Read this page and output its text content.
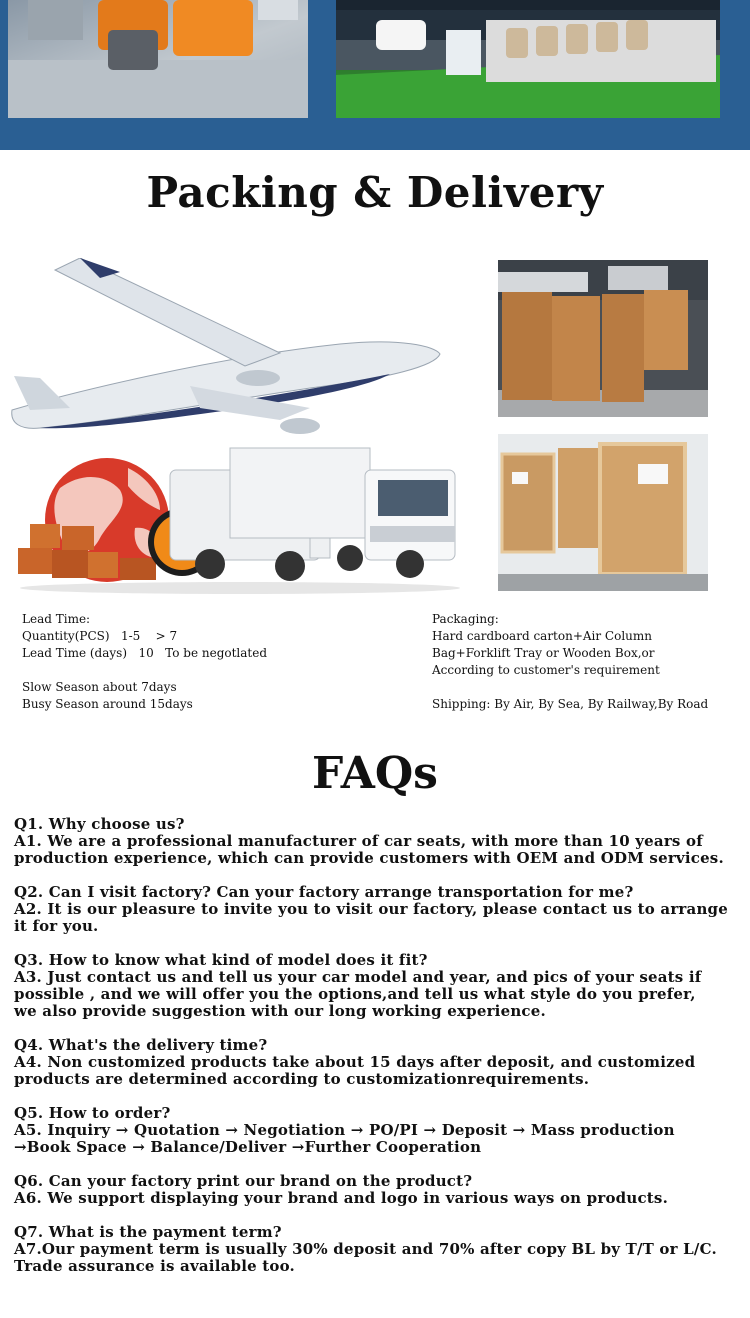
Packing & Delivery
Lead Time:
Quantity(PCS)   1-5    > 7
Lead Time (days)   10   To be negotlated
Slow Season about 7days
Busy Season around 15days
Packaging:
Hard cardboard carton+Air Column
Bag+Forklift Tray or Wooden Box,or
According to customer's requirement
Shipping: By Air, By Sea, By Railway,By Road
FAQs
Q1. Why choose us?
A1. We are a professional manufacturer of car seats, with more than 10 years of
production experience, which can provide customers with OEM and ODM services.
Q2. Can I visit factory? Can your factory arrange transportation for me?
A2. It is our pleasure to invite you to visit our factory, please contact us to arrange
it for you.
Q3. How to know what kind of model does it fit?
A3. Just contact us and tell us your car model and year, and pics of your seats if
possible , and we will offer you the options,and tell us what style do you prefer,
we also provide suggestion with our long working experience.
Q4. What's the delivery time?
A4. Non customized products take about 15 days after deposit, and customized
products are determined according to customizationrequirements.
Q5. How to order?
A5. Inquiry → Quotation → Negotiation → PO/PI → Deposit → Mass production
→Book Space → Balance/Deliver →Further Cooperation
Q6. Can your factory print our brand on the product?
A6. We support displaying your brand and logo in various ways on products.
Q7. What is the payment term?
A7.Our payment term is usually 30% deposit and 70% after copy BL by T/T or L/C.
Trade assurance is available too.
